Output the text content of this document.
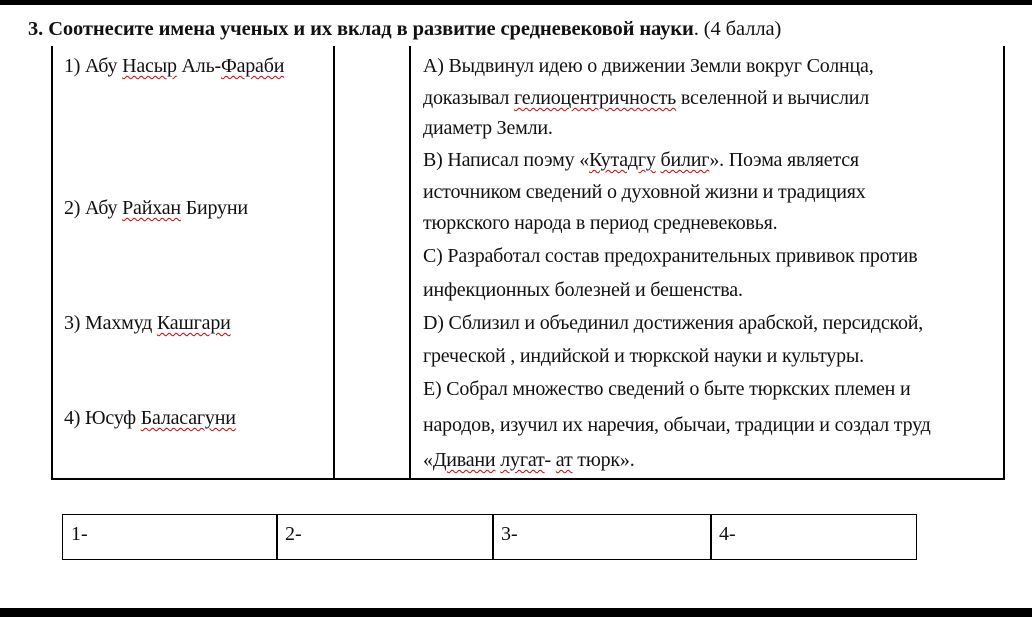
3. Соотнесите имена ученых и их вклад в развитие средневековой науки. (4 балла)
1) Абу Насыр Аль-Фараби
2) Абу Райхан Бируни
3) Махмуд Кашгари
4) Юсуф Баласагуни
А) Выдвинул идею о движении Земли вокруг Солнца,
доказывал гелиоцентричность вселенной и вычислил
диаметр Земли.
B) Написал поэму «Кутадгу билиг». Поэма является
источником сведений о духовной жизни и традициях
тюркского народа в период средневековья.
С) Разработал состав предохранительных прививок против
инфекционных болезней и бешенства.
D) Сблизил и объединил достижения арабской, персидской,
греческой , индийской и тюркской науки и культуры.
Е) Собрал множество сведений о быте тюркских племен и
народов, изучил их наречия, обычаи, традиции и создал труд
«Дивани лугат- ат тюрк».
1-	2-	3-	4-
